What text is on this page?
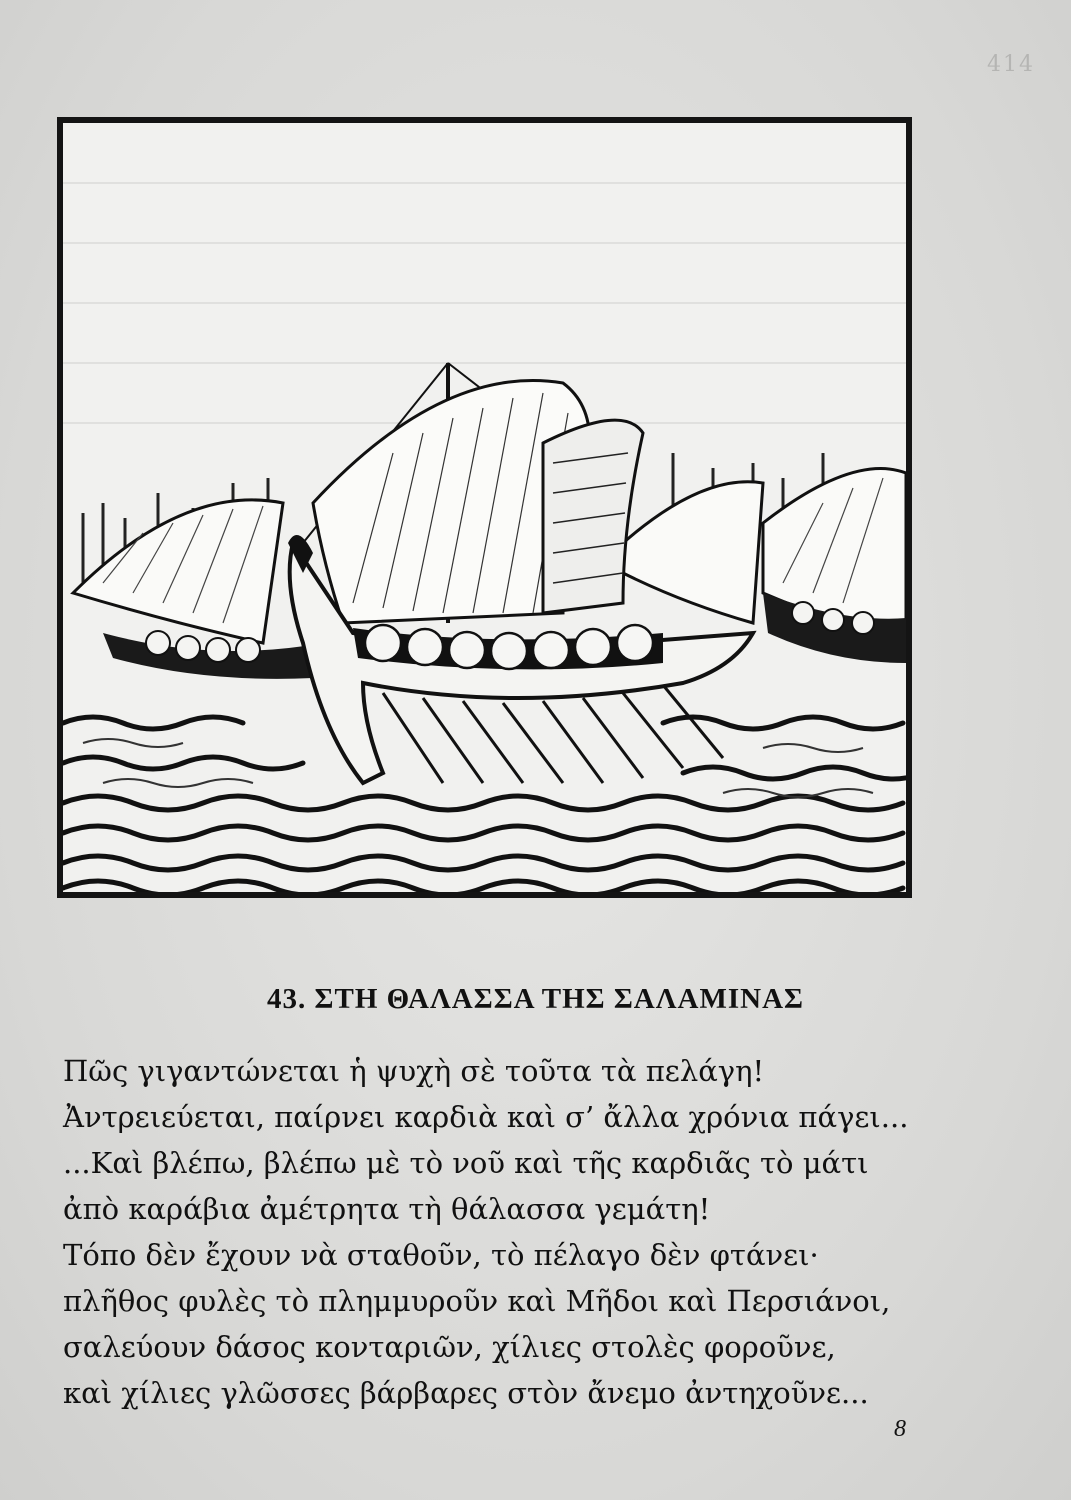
414
43. ΣΤΗ ΘΑΛΑΣΣΑ ΤΗΣ ΣΑΛΑΜΙΝΑΣ
Πῶς γιγαντώνεται ἡ ψυχὴ σὲ τοῦτα τὰ πελάγη!
Ἀντρειεύεται, παίρνει καρδιὰ καὶ σ’ ἄλλα χρόνια πάγει...
...Καὶ βλέπω, βλέπω μὲ τὸ νοῦ καὶ τῆς καρδιᾶς τὸ μάτι
ἀπὸ καράβια ἀμέτρητα τὴ θάλασσα γεμάτη!
Τόπο δὲν ἔχουν νὰ σταθοῦν, τὸ πέλαγο δὲν φτάνει·
πλῆθος φυλὲς τὸ πλημμυροῦν καὶ Μῆδοι καὶ Περσιάνοι,
σαλεύουν δάσος κονταριῶν, χίλιες στολὲς φοροῦνε,
καὶ χίλιες γλῶσσες βάρβαρες στὸν ἄνεμο ἀντηχοῦνε...
8
